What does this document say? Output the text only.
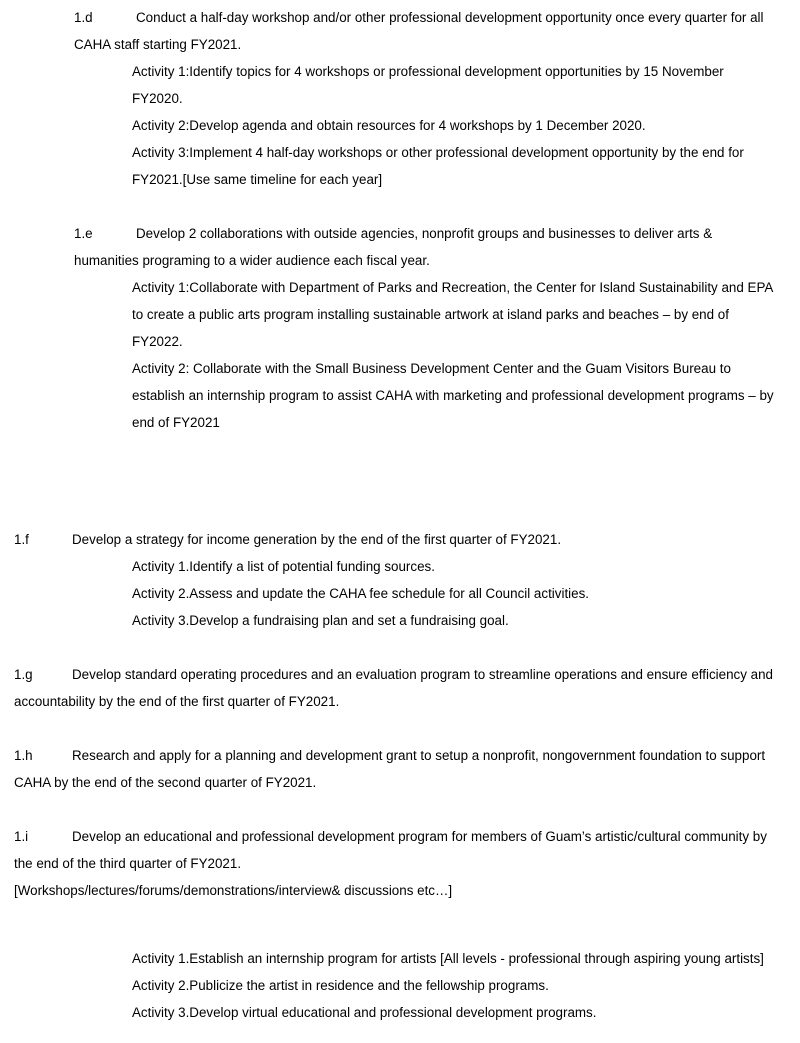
1.d	Conduct a half-day workshop and/or other professional development opportunity once every quarter for all CAHA staff starting FY2021.
Activity 1:Identify topics for 4 workshops or professional development opportunities by 15 November FY2020.
Activity 2:Develop agenda and obtain resources for 4 workshops by 1 December 2020.
Activity 3:Implement 4 half-day workshops or other professional development opportunity by the end for FY2021.[Use same timeline for each year]
1.e	Develop 2 collaborations with outside agencies, nonprofit groups and businesses to deliver arts & humanities programing to a wider audience each fiscal year.
Activity 1:Collaborate with Department of Parks and Recreation, the Center for Island Sustainability and EPA to create a public arts program installing sustainable artwork at island parks and beaches – by end of FY2022.
Activity 2: Collaborate with the Small Business Development Center and the Guam Visitors Bureau to establish an internship program to assist CAHA with marketing and professional development programs – by end of FY2021
1.f	Develop a strategy for income generation by the end of the first quarter of FY2021.
Activity 1.Identify a list of potential funding sources.
Activity 2.Assess and update the CAHA fee schedule for all Council activities.
Activity 3.Develop a fundraising plan and set a fundraising goal.
1.g	Develop standard operating procedures and an evaluation program to streamline operations and ensure efficiency and accountability by the end of the first quarter of FY2021.
1.h	Research and apply for a planning and development grant to setup a nonprofit, nongovernment foundation to support CAHA by the end of the second quarter of FY2021.
1.i	Develop an educational and professional development program for members of Guam’s artistic/cultural community by the end of the third quarter of FY2021.
[Workshops/lectures/forums/demonstrations/interview& discussions etc…]
Activity 1.Establish an internship program for artists [All levels - professional through aspiring young artists]
Activity 2.Publicize the artist in residence and the fellowship programs.
Activity 3.Develop virtual educational and professional development programs.
